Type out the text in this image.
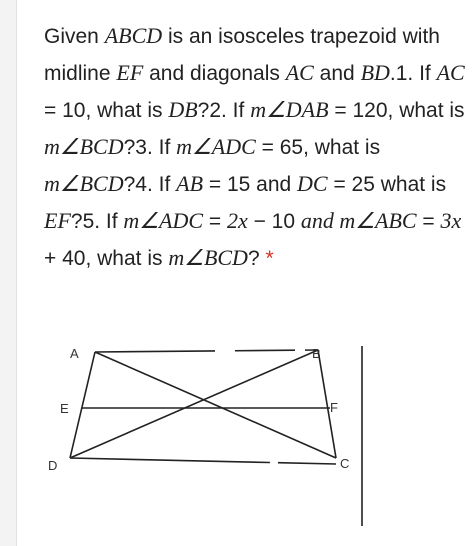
Given ABCD is an isosceles trapezoid with midline EF and diagonals AC and BD.1. If AC = 10, what is DB?2. If m∠DAB = 120, what is m∠BCD?3. If m∠ADC = 65, what is m∠BCD?4. If AB = 15 and DC = 25 what is EF?5. If m∠ADC = 2x − 10 and m∠ABC = 3x + 40, what is m∠BCD? *
A	B
E	F
D	C
